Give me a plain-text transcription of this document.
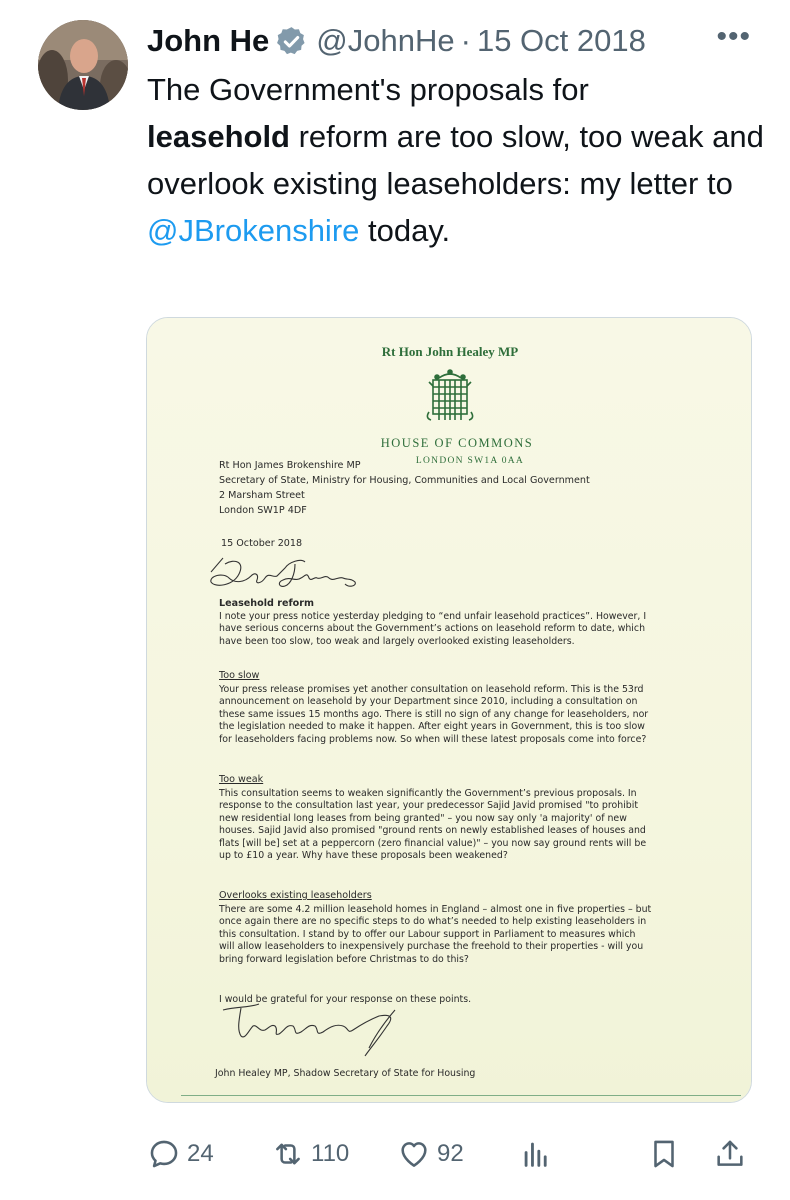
John He @JohnHe · 15 Oct 2018 •••
The Government's proposals for
leasehold reform are too slow, too weak and overlook existing leaseholders: my letter to @JBrokenshire today.
Rt Hon John Healey MP
HOUSE OF COMMONS
LONDON SW1A 0AA
Rt Hon James Brokenshire MP
Secretary of State, Ministry for Housing, Communities and Local Government
2 Marsham Street
London SW1P 4DF
15 October 2018
Leasehold reform
I note your press notice yesterday pledging to “end unfair leasehold practices”. However, I
have serious concerns about the Government’s actions on leasehold reform to date, which
have been too slow, too weak and largely overlooked existing leaseholders.
Too slow
Your press release promises yet another consultation on leasehold reform. This is the 53rd
announcement on leasehold by your Department since 2010, including a consultation on
these same issues 15 months ago. There is still no sign of any change for leaseholders, nor
the legislation needed to make it happen. After eight years in Government, this is too slow
for leaseholders facing problems now. So when will these latest proposals come into force?
Too weak
This consultation seems to weaken significantly the Government’s previous proposals. In
response to the consultation last year, your predecessor Sajid Javid promised "to prohibit
new residential long leases from being granted" – you now say only 'a majority' of new
houses. Sajid Javid also promised "ground rents on newly established leases of houses and
flats [will be] set at a peppercorn (zero financial value)" – you now say ground rents will be
up to £10 a year. Why have these proposals been weakened?
Overlooks existing leaseholders
There are some 4.2 million leasehold homes in England – almost one in five properties – but
once again there are no specific steps to do what’s needed to help existing leaseholders in
this consultation. I stand by to offer our Labour support in Parliament to measures which
will allow leaseholders to inexpensively purchase the freehold to their properties - will you
bring forward legislation before Christmas to do this?
I would be grateful for your response on these points.
John Healey MP, Shadow Secretary of State for Housing
24	110	92
